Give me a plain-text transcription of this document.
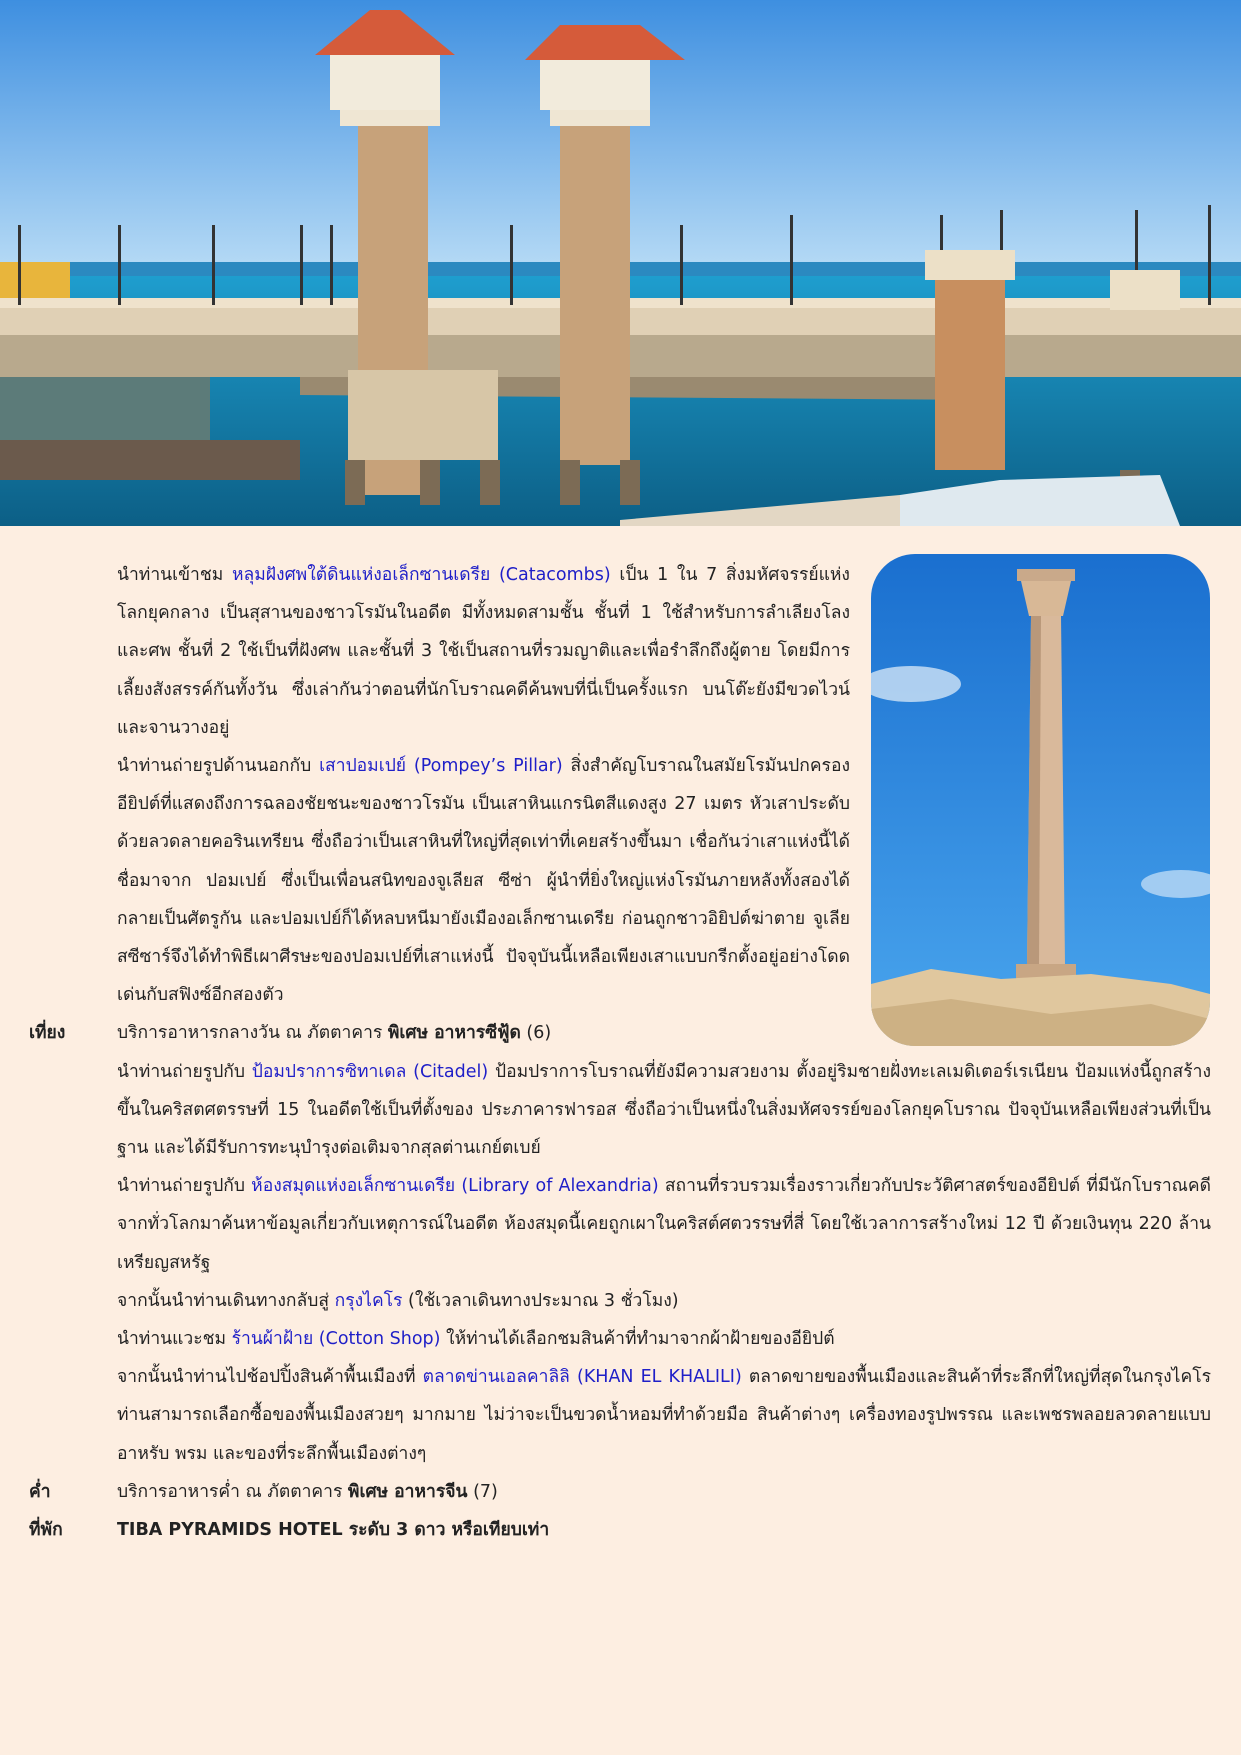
นำท่านเข้าชม หลุมฝังศพใต้ดินแห่งอเล็กซานเดรีย (Catacombs) เป็น 1 ใน 7 สิ่งมหัศจรรย์แห่งโลกยุคกลาง เป็นสุสานของชาวโรมันในอดีต มีทั้งหมดสามชั้น ชั้นที่ 1 ใช้สำหรับการลำเลียงโลงและศพ ชั้นที่ 2 ใช้เป็นที่ฝังศพ และชั้นที่ 3 ใช้เป็นสถานที่รวมญาติและเพื่อรำลึกถึงผู้ตาย โดยมีการเลี้ยงสังสรรค์กันทั้งวัน ซึ่งเล่ากันว่าตอนที่นักโบราณคดีค้นพบที่นี่เป็นครั้งแรก บนโต๊ะยังมีขวดไวน์และจานวางอยู่

นำท่านถ่ายรูปด้านนอกกับ เสาปอมเปย์ (Pompey’s Pillar) สิ่งสำคัญโบราณในสมัยโรมันปกครองอียิปต์ที่แสดงถึงการฉลองชัยชนะของชาวโรมัน เป็นเสาหินแกรนิตสีแดงสูง 27 เมตร หัวเสาประดับด้วยลวดลายคอรินเทรียน ซึ่งถือว่าเป็นเสาหินที่ใหญ่ที่สุดเท่าที่เคยสร้างขึ้นมา เชื่อกันว่าเสาแห่งนี้ได้ชื่อมาจาก ปอมเปย์ ซึ่งเป็นเพื่อนสนิทของจูเลียส ซีซ่า ผู้นำที่ยิ่งใหญ่แห่งโรมันภายหลังทั้งสองได้กลายเป็นศัตรูกัน และปอมเปย์ก็ได้หลบหนีมายังเมืองอเล็กซานเดรีย ก่อนถูกชาวอิยิปต์ฆ่าตาย จูเลียสซีซาร์จึงได้ทำพิธีเผาศีรษะของปอมเปย์ที่เสาแห่งนี้ ปัจจุบันนี้เหลือเพียงเสาแบบกรีกตั้งอยู่อย่างโดดเด่นกับสฟิงซ์อีกสองตัว

เที่ยง	บริการอาหารกลางวัน ณ ภัตตาคาร พิเศษ อาหารซีฟู้ด (6)

นำท่านถ่ายรูปกับ ป้อมปราการซิทาเดล (Citadel) ป้อมปราการโบราณที่ยังมีความสวยงาม ตั้งอยู่ริมชายฝั่งทะเลเมดิเตอร์เรเนียน ป้อมแห่งนี้ถูกสร้างขึ้นในคริสตศตรรษที่ 15 ในอดีตใช้เป็นที่ตั้งของ ประภาคารฟารอส ซึ่งถือว่าเป็นหนึ่งในสิ่งมหัศจรรย์ของโลกยุคโบราณ ปัจจุบันเหลือเพียงส่วนที่เป็นฐาน และได้มีรับการทะนุบำรุงต่อเติมจากสุลต่านเกย์ตเบย์

นำท่านถ่ายรูปกับ ห้องสมุดแห่งอเล็กซานเดรีย (Library of Alexandria) สถานที่รวบรวมเรื่องราวเกี่ยวกับประวัติศาสตร์ของอียิปต์ ที่มีนักโบราณคดีจากทั่วโลกมาค้นหาข้อมูลเกี่ยวกับเหตุการณ์ในอดีต ห้องสมุดนี้เคยถูกเผาในคริสต์ศตวรรษที่สี่ โดยใช้เวลาการสร้างใหม่ 12 ปี ด้วยเงินทุน 220 ล้านเหรียญสหรัฐ

จากนั้นนำท่านเดินทางกลับสู่ กรุงไคโร (ใช้เวลาเดินทางประมาณ 3 ชั่วโมง)

นำท่านแวะชม ร้านผ้าฝ้าย (Cotton Shop) ให้ท่านได้เลือกชมสินค้าที่ทำมาจากผ้าฝ้ายของอียิปต์

จากนั้นนำท่านไปช้อปปิ้งสินค้าพื้นเมืองที่ ตลาดข่านเอลคาลิลิ (KHAN EL KHALILI) ตลาดขายของพื้นเมืองและสินค้าที่ระลึกที่ใหญ่ที่สุดในกรุงไคโร ท่านสามารถเลือกซื้อของพื้นเมืองสวยๆ มากมาย ไม่ว่าจะเป็นขวดน้ำหอมที่ทำด้วยมือ สินค้าต่างๆ เครื่องทองรูปพรรณ และเพชรพลอยลวดลายแบบอาหรับ พรม และของที่ระลึกพื้นเมืองต่างๆ

ค่ำ	บริการอาหารค่ำ ณ ภัตตาคาร พิเศษ อาหารจีน (7)

ที่พัก	TIBA PYRAMIDS HOTEL ระดับ 3 ดาว หรือเทียบเท่า
